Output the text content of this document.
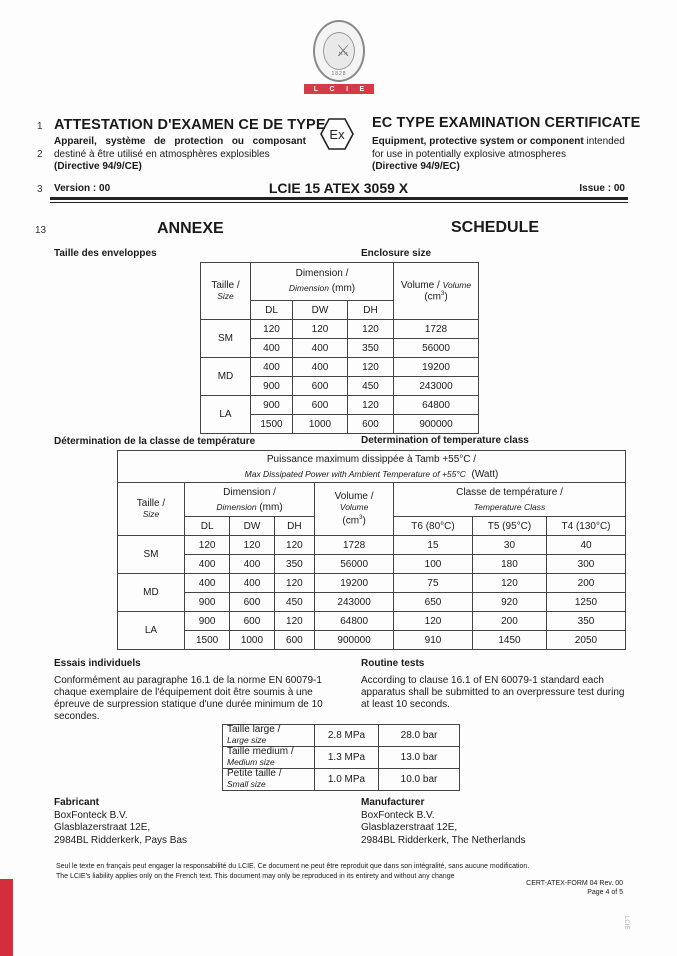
⚔
1828
L C I E
1
2
3
13
ATTESTATION D'EXAMEN CE DE TYPE	EC TYPE EXAMINATION CERTIFICATE
Ex
Appareil, système de protection ou composant
destiné à être utilisé en atmosphères explosibles
(Directive 94/9/CE)
Equipment, protective system or component intended
for use in potentially explosive atmospheres
(Directive 94/9/EC)
Version : 00	LCIE 15 ATEX 3059 X	Issue : 00
ANNEXE	SCHEDULE
Taille des enveloppes	Enclosure size
Taille /
Size	Dimension /
Dimension (mm)			Volume / Volume
$(cm^3)$
	DL	DW	DH	
SM	120	120	120	1728
	400	400	350	56000
MD	400	400	120	19200
	900	600	450	243000
LA	900	600	120	64800
	1500	1000	600	900000
Détermination de la classe de température	Determination of temperature class
Puissance maximum dissippée à Tamb +55°C /
Max Dissipated Power with Ambient Temperature of +55°C (Watt)							
Taille /
Size	Dimension /
Dimension (mm)			Volume /
Volume
$(cm^3)$	Classe de température /
Temperature Class		
	DL	DW	DH		T6 (80°C)	T5 (95°C)	T4 (130°C)
SM	120	120	120	1728	15	30	40
	400	400	350	56000	100	180	300
MD	400	400	120	19200	75	120	200
	900	600	450	243000	650	920	1250
LA	900	600	120	64800	120	200	350
	1500	1000	600	900000	910	1450	2050
Essais individuels	Routine tests
Conformément au paragraphe 16.1 de la norme EN 60079-1 chaque exemplaire de l'équipement doit être soumis à une épreuve de surpression statique d'une durée minimum de 10 secondes.
According to clause 16.1 of EN 60079-1 standard each apparatus shall be submitted to an overpressure test during at least 10 seconds.
Taille large /
Large size	2.8 MPa	28.0 bar
Taille medium /
Medium size	1.3 MPa	13.0 bar
Petite taille /
Small size	1.0 MPa	10.0 bar
Fabricant
BoxFonteck B.V.
Glasblazerstraat 12E,
2984BL Ridderkerk, Pays Bas
Manufacturer
BoxFonteck B.V.
Glasblazerstraat 12E,
2984BL Ridderkerk, The Netherlands
Seul le texte en français peut engager la responsabilité du LCIE. Ce document ne peut être reproduit que dans son intégralité, sans aucune modification.
The LCIE's liability applies only on the French text. This document may only be reproduced in its entirety and without any change
CERT-ATEX-FORM 04 Rev. 00
Page 4 of 5
LCIE
